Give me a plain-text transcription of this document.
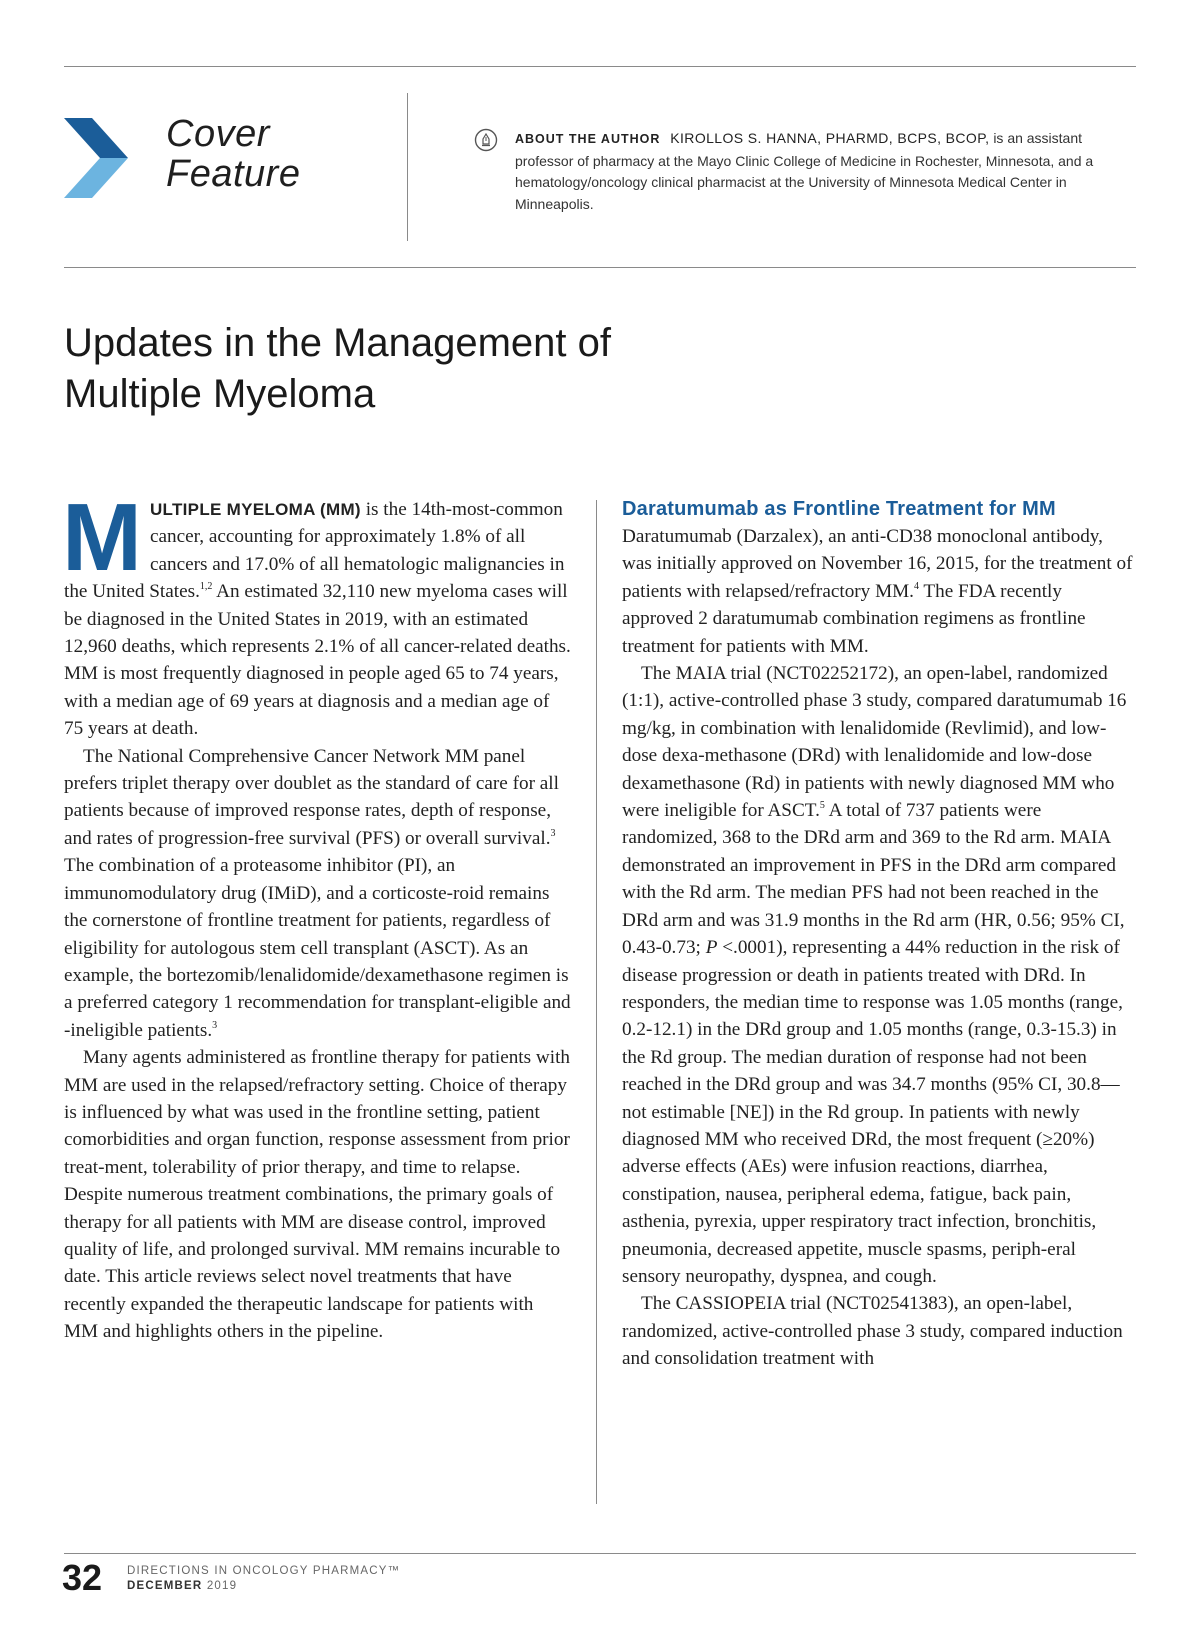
Cover
Feature
ABOUT THE AUTHOR KIROLLOS S. HANNA, PHARMD, BCPS, BCOP, is an assistant professor of pharmacy at the Mayo Clinic College of Medicine in Rochester, Minnesota, and a hematology/oncology clinical pharmacist at the University of Minnesota Medical Center in Minneapolis.
Updates in the Management of
Multiple Myeloma

MULTIPLE MYELOMA (MM) is the 14th-most-common cancer, accounting for approximately 1.8% of all cancers and 17.0% of all hematologic malignancies in the United States.$^{1,2}$ An estimated 32,110 new myeloma cases will be diagnosed in the United States in 2019, with an estimated 12,960 deaths, which represents 2.1% of all cancer-related deaths. MM is most frequently diagnosed in people aged 65 to 74 years, with a median age of 69 years at diagnosis and a median age of 75 years at death.

The National Comprehensive Cancer Network MM panel prefers triplet therapy over doublet as the standard of care for all patients because of improved response rates, depth of response, and rates of progression-free survival (PFS) or overall survival.$^3$ The combination of a proteasome inhibitor (PI), an immunomodulatory drug (IMiD), and a corticoste-roid remains the cornerstone of frontline treatment for patients, regardless of eligibility for autologous stem cell transplant (ASCT). As an example, the bortezomib/lenalidomide/dexamethasone regimen is a preferred category 1 recommendation for transplant-eligible and -ineligible patients.$^3$

Many agents administered as frontline therapy for patients with MM are used in the relapsed/refractory setting. Choice of therapy is influenced by what was used in the frontline setting, patient comorbidities and organ function, response assessment from prior treat-ment, tolerability of prior therapy, and time to relapse. Despite numerous treatment combinations, the primary goals of therapy for all patients with MM are disease control, improved quality of life, and prolonged survival. MM remains incurable to date. This article reviews select novel treatments that have recently expanded the therapeutic landscape for patients with MM and highlights others in the pipeline.

Daratumumab as Frontline Treatment for MM

Daratumumab (Darzalex), an anti-CD38 monoclonal antibody, was initially approved on November 16, 2015, for the treatment of patients with relapsed/refractory MM.$^4$ The FDA recently approved 2 daratumumab combination regimens as frontline treatment for patients with MM.

The MAIA trial (NCT02252172), an open-label, randomized (1:1), active-controlled phase 3 study, compared daratumumab 16 mg/kg, in combination with lenalidomide (Revlimid), and low-dose dexa-methasone (DRd) with lenalidomide and low-dose dexamethasone (Rd) in patients with newly diagnosed MM who were ineligible for ASCT.$^5$ A total of 737 patients were randomized, 368 to the DRd arm and 369 to the Rd arm. MAIA demonstrated an improvement in PFS in the DRd arm compared with the Rd arm. The median PFS had not been reached in the DRd arm and was 31.9 months in the Rd arm (HR, 0.56; 95% CI, 0.43-0.73; P <.0001), representing a 44% reduction in the risk of disease progression or death in patients treated with DRd. In responders, the median time to response was 1.05 months (range, 0.2-12.1) in the DRd group and 1.05 months (range, 0.3-15.3) in the Rd group. The median duration of response had not been reached in the DRd group and was 34.7 months (95% CI, 30.8—not estimable [NE]) in the Rd group. In patients with newly diagnosed MM who received DRd, the most frequent (≥20%) adverse effects (AEs) were infusion reactions, diarrhea, constipation, nausea, peripheral edema, fatigue, back pain, asthenia, pyrexia, upper respiratory tract infection, bronchitis, pneumonia, decreased appetite, muscle spasms, periph-eral sensory neuropathy, dyspnea, and cough.

The CASSIOPEIA trial (NCT02541383), an open-label, randomized, active-controlled phase 3 study, compared induction and consolidation treatment with

32 DIRECTIONS IN ONCOLOGY PHARMACY™
DECEMBER 2019
